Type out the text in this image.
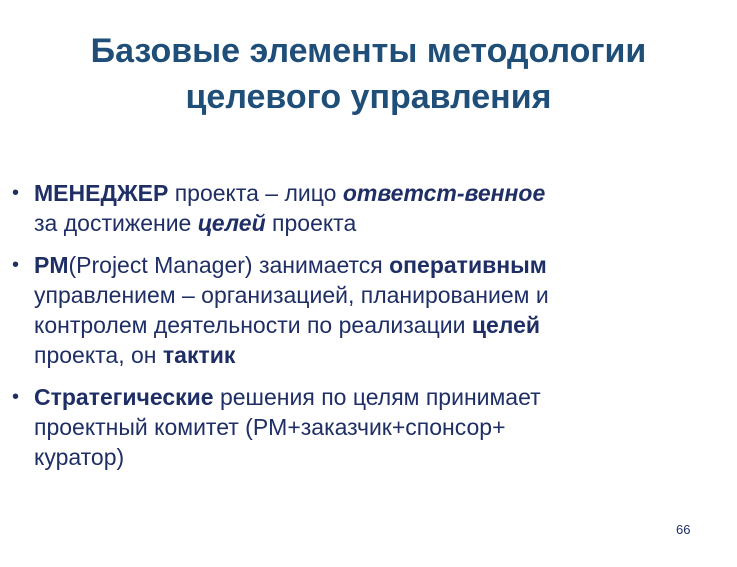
Базовые элементы методологии
целевого управления
• МЕНЕДЖЕР проекта – лицо ответст-венное
за достижение целей проекта
• PM(Project Manager) занимается оперативным
управлением – организацией, планированием и
контролем деятельности по реализации целей
проекта, он тактик
• Стратегические решения по целям принимает
проектный комитет (PM+заказчик+спонсор+
куратор)
66
